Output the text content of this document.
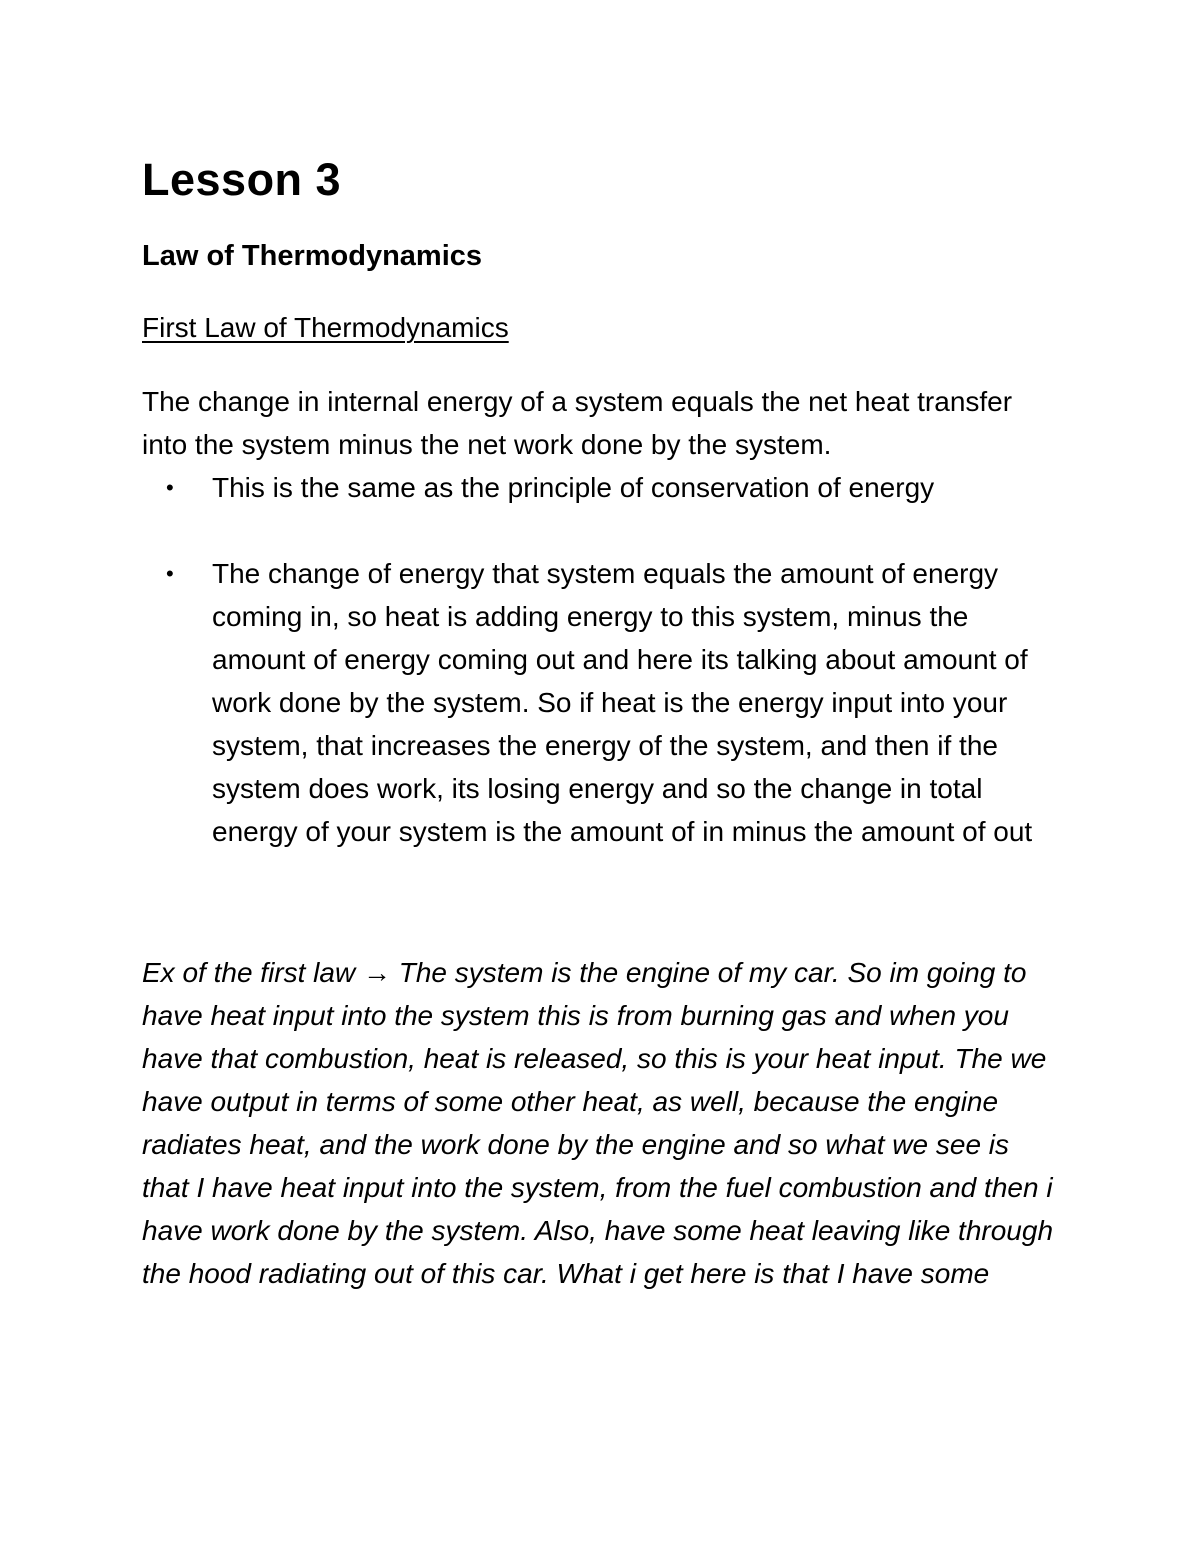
Lesson 3
Law of Thermodynamics
First Law of Thermodynamics

The change in internal energy of a system equals the net heat transfer into the system minus the net work done by the system.

•	This is the same as the principle of conservation of energy
•	The change of energy that system equals the amount of energy coming in, so heat is adding energy to this system, minus the amount of energy coming out and here its talking about amount of work done by the system. So if heat is the energy input into your system, that increases the energy of the system, and then if the system does work, its losing energy and so the change in total energy of your system is the amount of in minus the amount of out

Ex of the first law → The system is the engine of my car. So im going to have heat input into the system this is from burning gas and when you have that combustion, heat is released, so this is your heat input. The we have output in terms of some other heat, as well, because the engine radiates heat, and the work done by the engine and so what we see is that I have heat input into the system, from the fuel combustion and then i have work done by the system. Also, have some heat leaving like through the hood radiating out of this car. What i get here is that I have some
